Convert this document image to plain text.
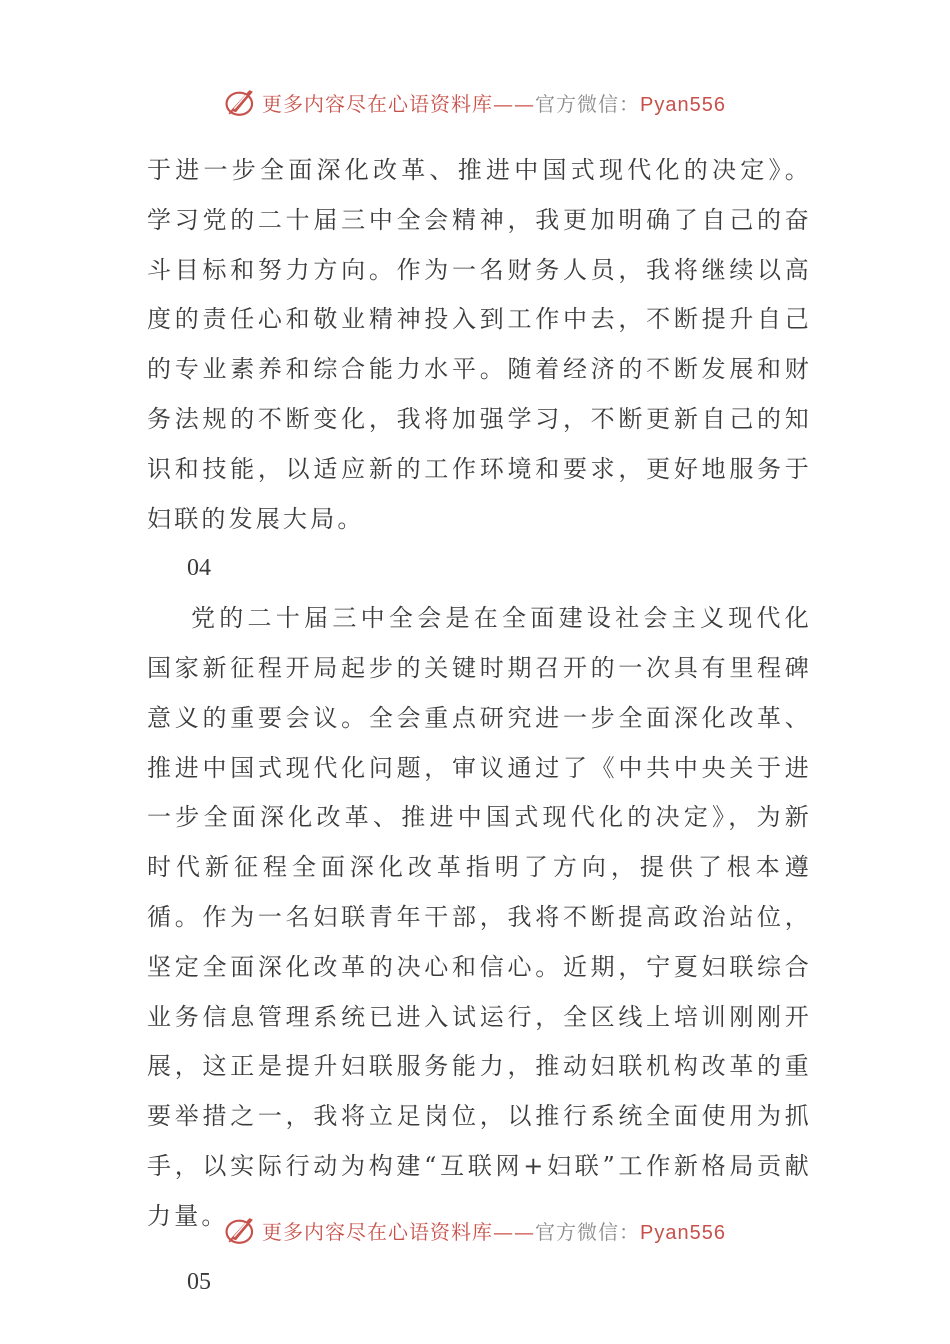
更多内容尽在心语资料库——官方微信：Pyan556

于进一步全面深化改革、推进中国式现代化的决定》。学习党的二十届三中全会精神，我更加明确了自己的奋斗目标和努力方向。作为一名财务人员，我将继续以高度的责任心和敬业精神投入到工作中去，不断提升自己的专业素养和综合能力水平。随着经济的不断发展和财务法规的不断变化，我将加强学习，不断更新自己的知识和技能，以适应新的工作环境和要求，更好地服务于妇联的发展大局。

04

党的二十届三中全会是在全面建设社会主义现代化国家新征程开局起步的关键时期召开的一次具有里程碑意义的重要会议。全会重点研究进一步全面深化改革、推进中国式现代化问题，审议通过了《中共中央关于进一步全面深化改革、推进中国式现代化的决定》，为新时代新征程全面深化改革指明了方向，提供了根本遵循。作为一名妇联青年干部，我将不断提高政治站位，坚定全面深化改革的决心和信心。近期，宁夏妇联综合业务信息管理系统已进入试运行，全区线上培训刚刚开展，这正是提升妇联服务能力，推动妇联机构改革的重要举措之一，我将立足岗位，以推行系统全面使用为抓手，以实际行动为构建“互联网+妇联”工作新格局贡献力量。

05

更多内容尽在心语资料库——官方微信：Pyan556
